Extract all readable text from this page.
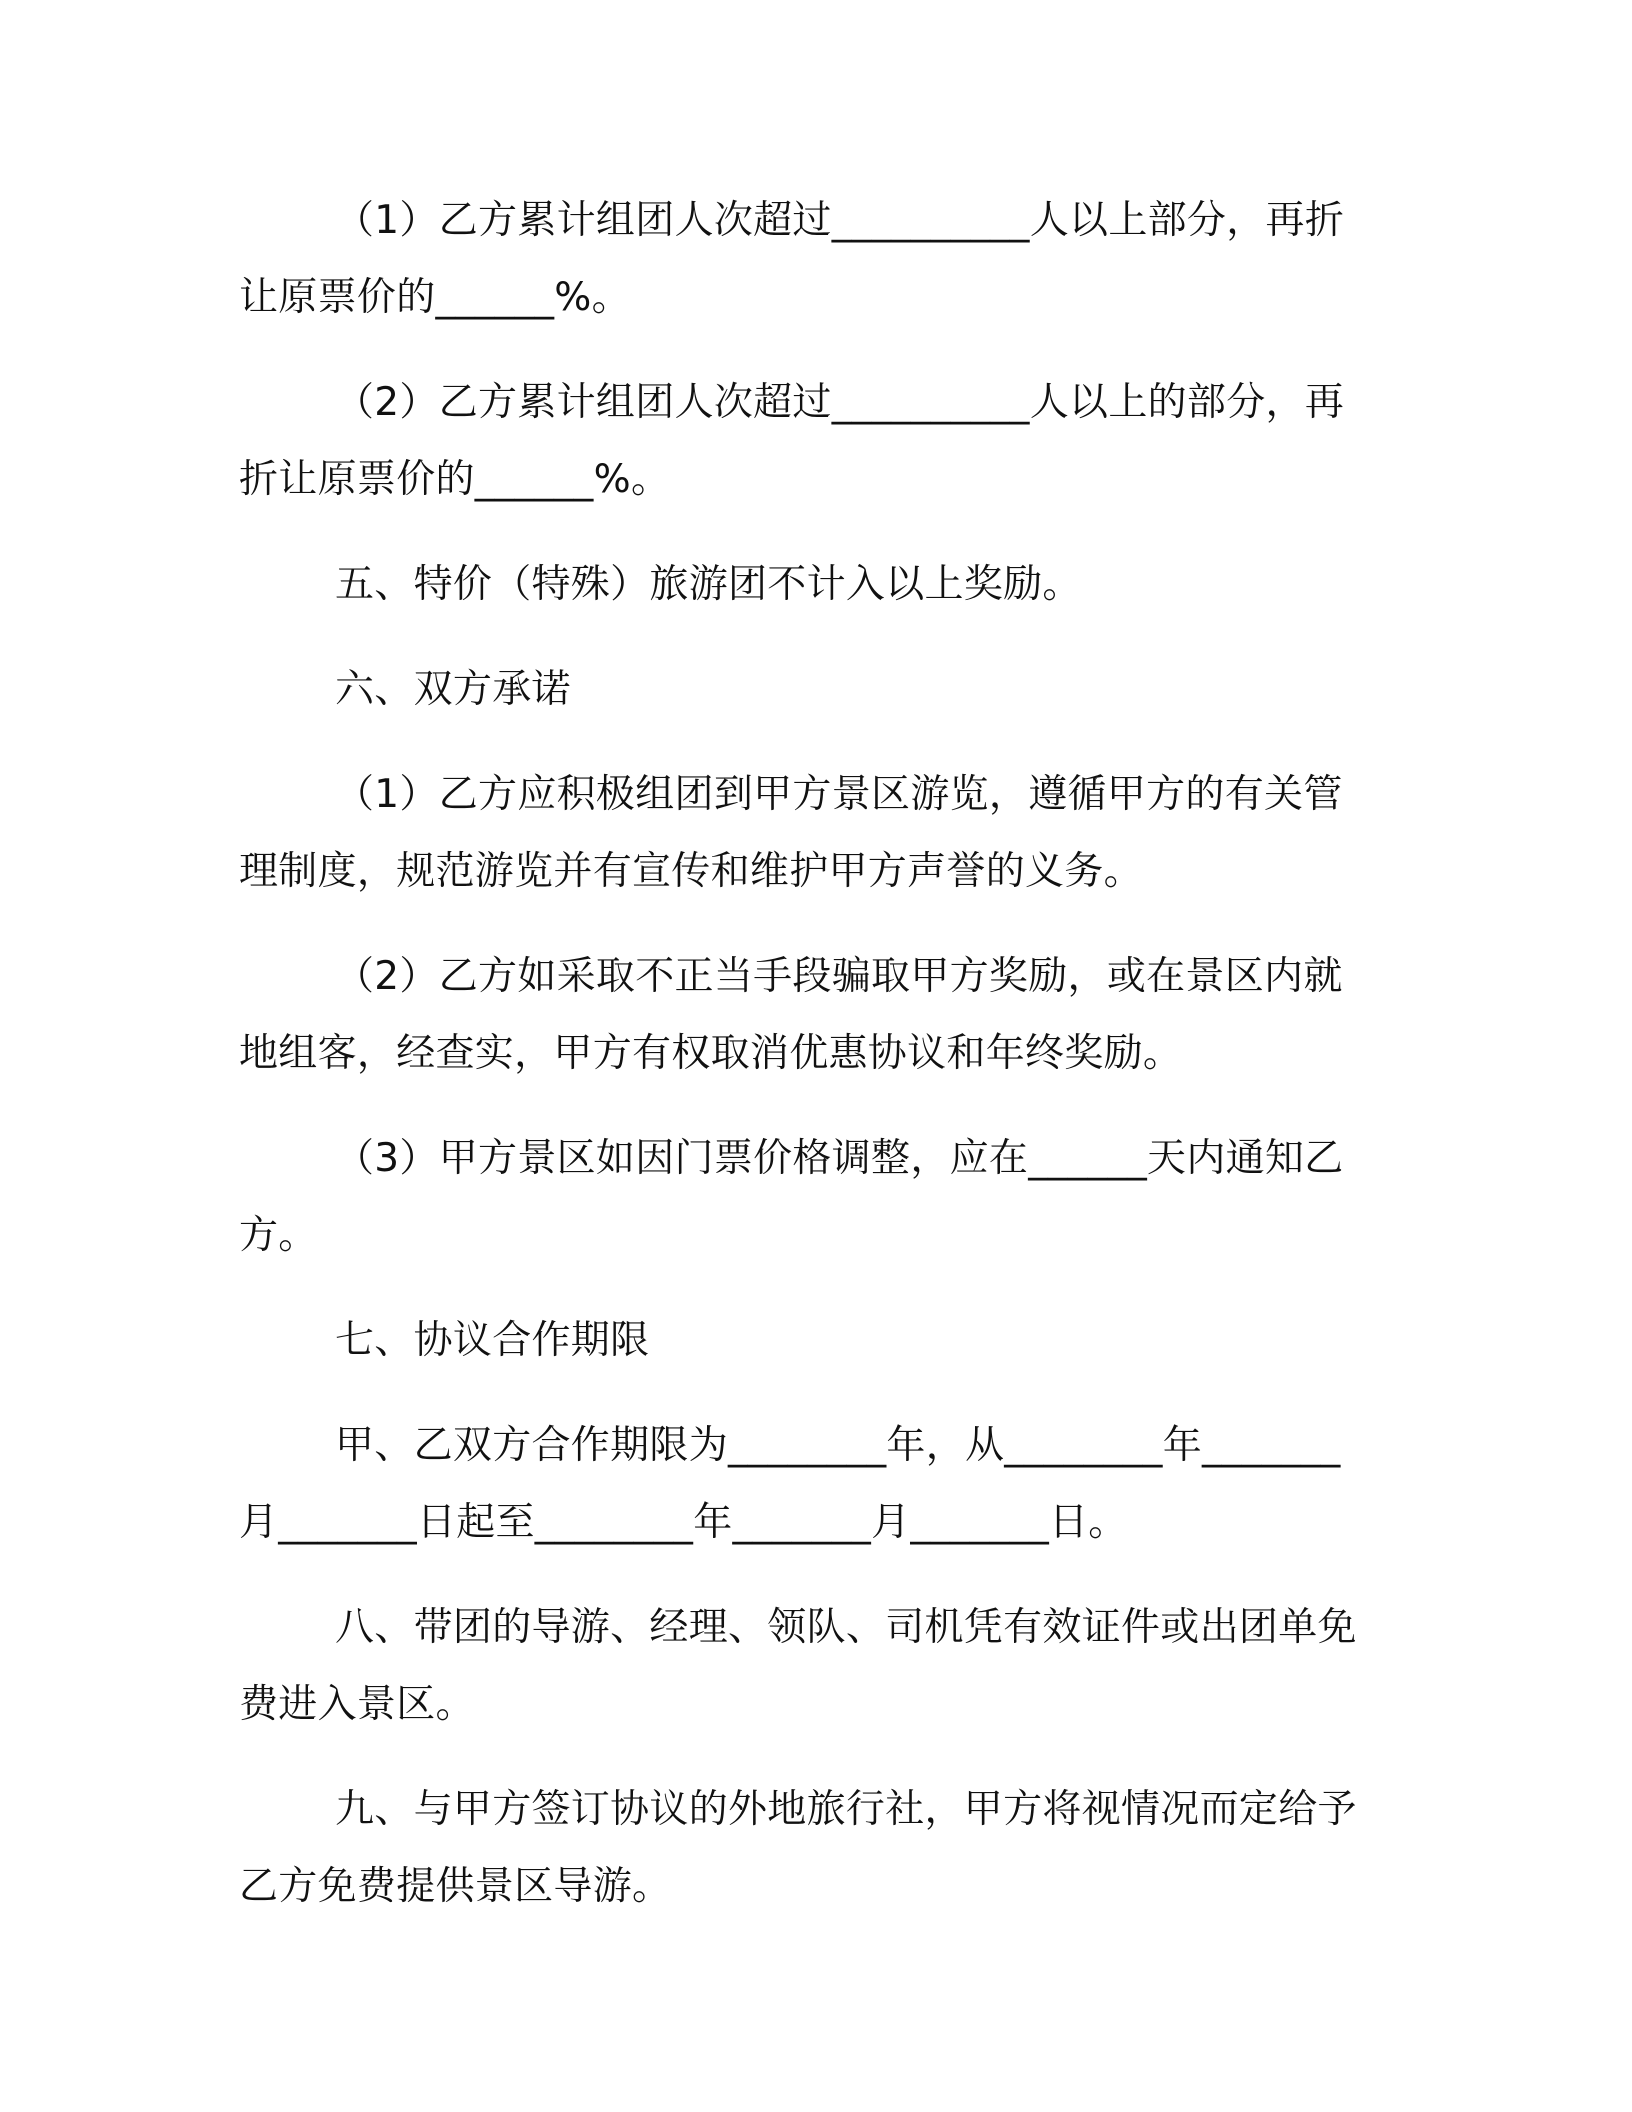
（1）乙方累计组团人次超过__________人以上部分，再折让原票价的______%。

（2）乙方累计组团人次超过__________人以上的部分，再折让原票价的______%。

五、特价（特殊）旅游团不计入以上奖励。

六、双方承诺

（1）乙方应积极组团到甲方景区游览，遵循甲方的有关管理制度，规范游览并有宣传和维护甲方声誉的义务。

（2）乙方如采取不正当手段骗取甲方奖励，或在景区内就地组客，经查实，甲方有权取消优惠协议和年终奖励。

（3）甲方景区如因门票价格调整，应在______天内通知乙方。

七、协议合作期限

甲、乙双方合作期限为________年，从________年_______月_______日起至________年_______月_______日。

八、带团的导游、经理、领队、司机凭有效证件或出团单免费进入景区。

九、与甲方签订协议的外地旅行社，甲方将视情况而定给予乙方免费提供景区导游。
